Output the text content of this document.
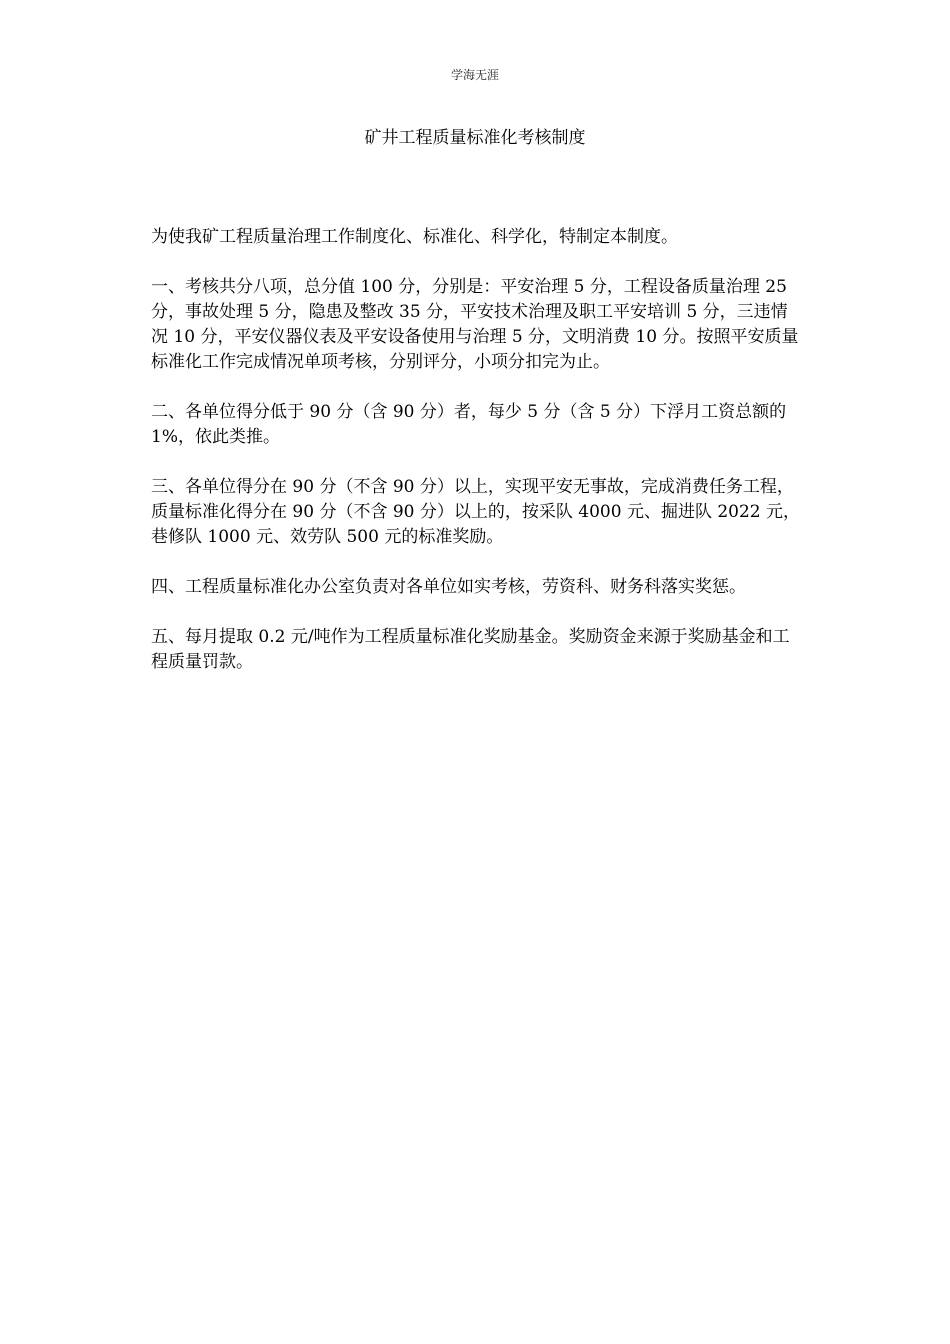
学海无涯
矿井工程质量标准化考核制度

为使我矿工程质量治理工作制度化、标准化、科学化，特制定本制度。

一、考核共分八项，总分值 100 分，分别是：平安治理 5 分，工程设备质量治理 25 分，事故处理 5 分，隐患及整改 35 分，平安技术治理及职工平安培训 5 分，三违情况 10 分，平安仪器仪表及平安设备使用与治理 5 分，文明消费 10 分。按照平安质量标准化工作完成情况单项考核，分别评分，小项分扣完为止。

二、各单位得分低于 90 分（含 90 分）者，每少 5 分（含 5 分）下浮月工资总额的 1%，依此类推。

三、各单位得分在 90 分（不含 90 分）以上，实现平安无事故，完成消费任务工程，质量标准化得分在 90 分（不含 90 分）以上的，按采队 4000 元、掘进队 2022 元，巷修队 1000 元、效劳队 500 元的标准奖励。

四、工程质量标准化办公室负责对各单位如实考核，劳资科、财务科落实奖惩。

五、每月提取 0.2 元/吨作为工程质量标准化奖励基金。奖励资金来源于奖励基金和工程质量罚款。
